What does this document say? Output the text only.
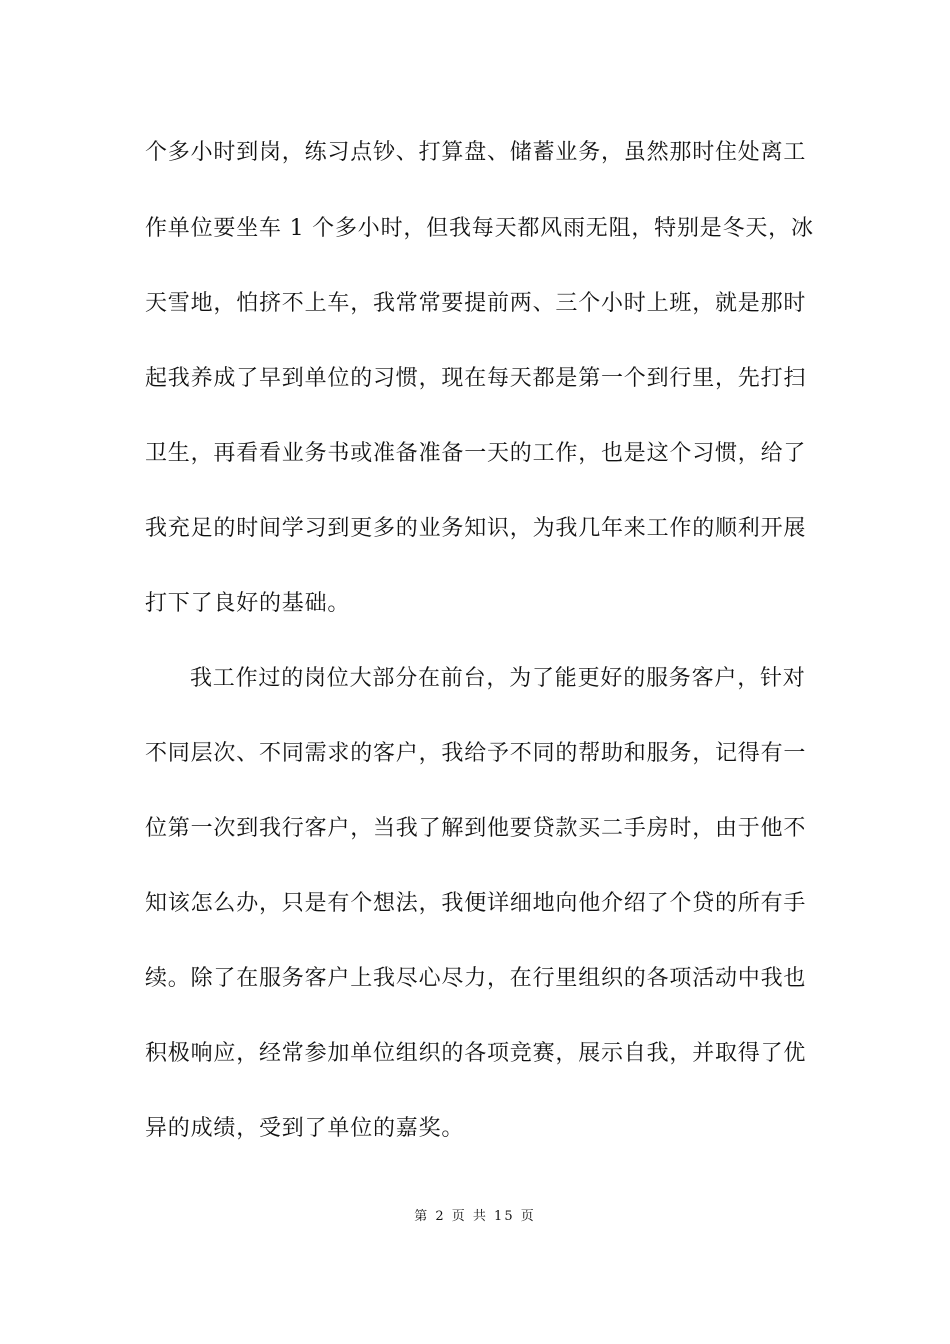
个多小时到岗，练习点钞、打算盘、储蓄业务，虽然那时住处离工
作单位要坐车 1 个多小时，但我每天都风雨无阻，特别是冬天，冰
天雪地，怕挤不上车，我常常要提前两、三个小时上班，就是那时
起我养成了早到单位的习惯，现在每天都是第一个到行里，先打扫
卫生，再看看业务书或准备准备一天的工作，也是这个习惯，给了
我充足的时间学习到更多的业务知识，为我几年来工作的顺利开展
打下了良好的基础。
我工作过的岗位大部分在前台，为了能更好的服务客户，针对
不同层次、不同需求的客户，我给予不同的帮助和服务，记得有一
位第一次到我行客户，当我了解到他要贷款买二手房时，由于他不
知该怎么办，只是有个想法，我便详细地向他介绍了个贷的所有手
续。除了在服务客户上我尽心尽力，在行里组织的各项活动中我也
积极响应，经常参加单位组织的各项竞赛，展示自我，并取得了优
异的成绩，受到了单位的嘉奖。
第 2 页 共 15 页
